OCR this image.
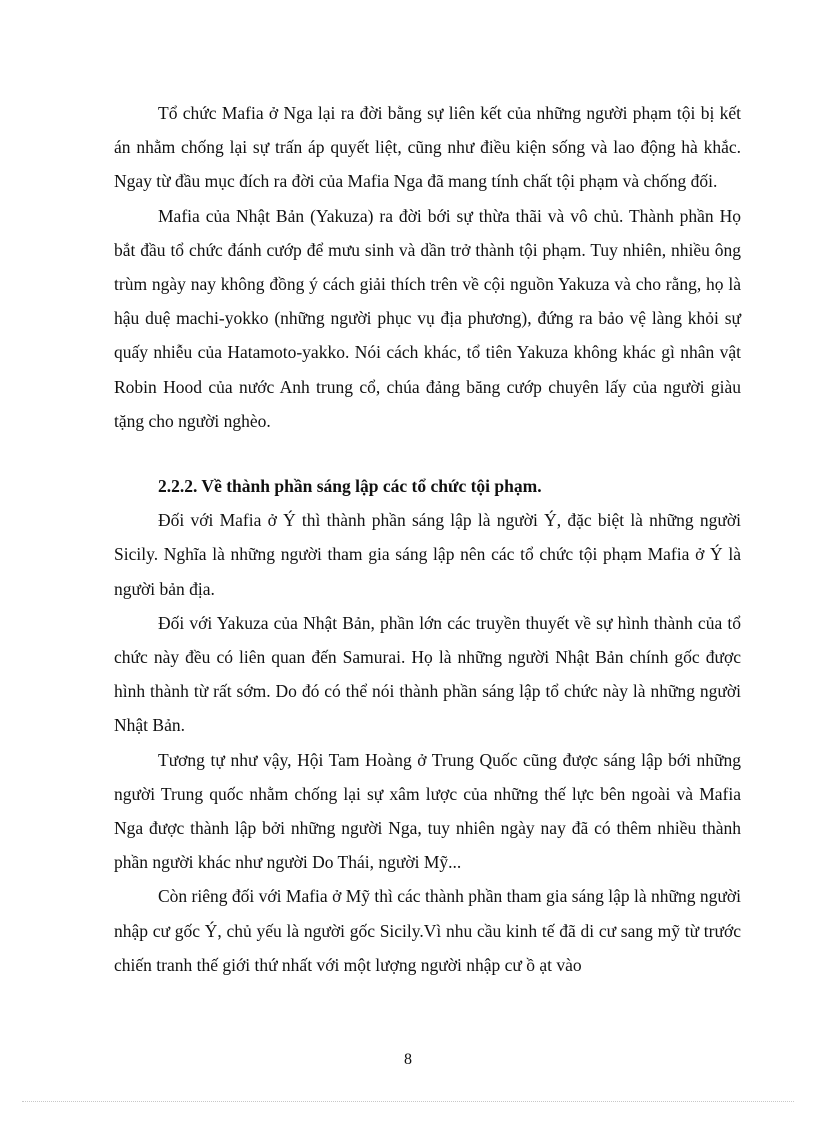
Tổ chức Mafia ở Nga lại ra đời bằng sự liên kết của những người phạm tội bị kết án nhằm chống lại sự trấn áp quyết liệt, cũng như điều kiện sống và lao động hà khắc. Ngay từ đầu mục đích ra đời của Mafia Nga đã mang tính chất tội phạm và chống đối.

Mafia của Nhật Bản (Yakuza) ra đời bới sự thừa thãi và vô chủ. Thành phần Họ bắt đầu tổ chức đánh cướp để mưu sinh và dần trở thành tội phạm. Tuy nhiên, nhiều ông trùm ngày nay không đồng ý cách giải thích trên về cội nguồn Yakuza và cho rằng, họ là hậu duệ machi-yokko (những người phục vụ địa phương), đứng ra bảo vệ làng khỏi sự quấy nhiễu của Hatamoto-yakko. Nói cách khác, tổ tiên Yakuza không khác gì nhân vật Robin Hood của nước Anh trung cổ, chúa đảng băng cướp chuyên lấy của người giàu tặng cho người nghèo.

2.2.2. Về thành phần sáng lập các tổ chức tội phạm.

Đối với Mafia ở Ý thì thành phần sáng lập là người Ý, đặc biệt là những người Sicily. Nghĩa là những người tham gia sáng lập nên các tổ chức tội phạm Mafia ở Ý là người bản địa.

Đối với Yakuza của Nhật Bản, phần lớn các truyền thuyết về sự hình thành của tổ chức này đều có liên quan đến Samurai. Họ là những người Nhật Bản chính gốc được hình thành từ rất sớm. Do đó có thể nói thành phần sáng lập tổ chức này là những người Nhật Bản.

Tương tự như vậy, Hội Tam Hoàng ở Trung Quốc cũng được sáng lập bới những người Trung quốc nhằm chống lại sự xâm lược của những thế lực bên ngoài và Mafia Nga được thành lập bởi những người Nga, tuy nhiên ngày nay đã có thêm nhiều thành phần người khác như người Do Thái, người Mỹ...

Còn riêng đối với Mafia ở Mỹ thì các thành phần tham gia sáng lập là những người nhập cư gốc Ý, chủ yếu là người gốc Sicily.Vì nhu cầu kinh tế đã di cư sang mỹ từ trước chiến tranh thế giới thứ nhất với một lượng người nhập cư ồ ạt vào

8
